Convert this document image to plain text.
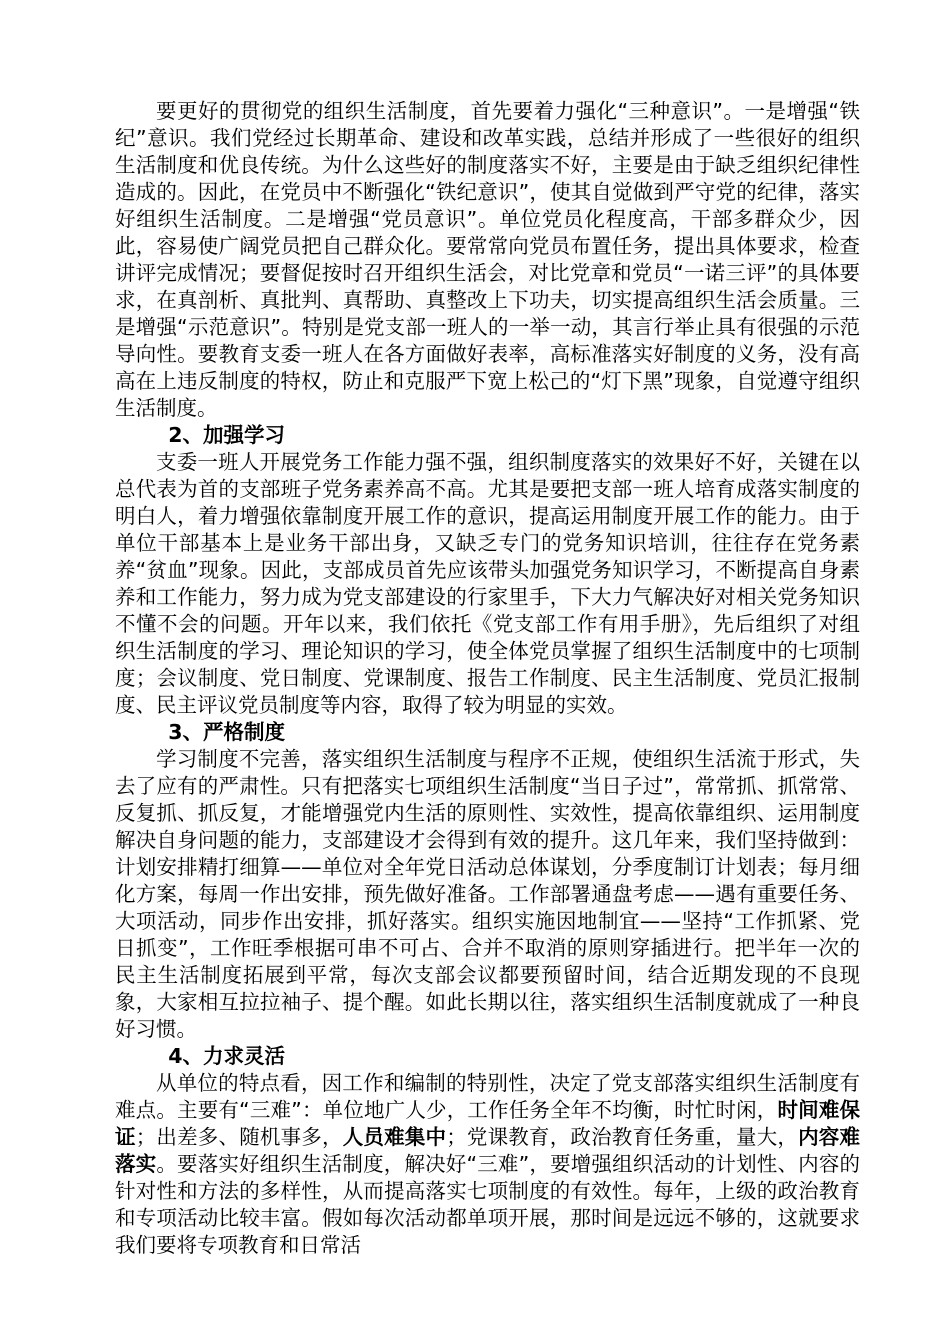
要更好的贯彻党的组织生活制度，首先要着力强化“三种意识”。一是增强“铁纪”意识。我们党经过长期革命、建设和改革实践，总结并形成了一些很好的组织生活制度和优良传统。为什么这些好的制度落实不好，主要是由于缺乏组织纪律性造成的。因此，在党员中不断强化“铁纪意识”，使其自觉做到严守党的纪律，落实好组织生活制度。二是增强“党员意识”。单位党员化程度高，干部多群众少，因此，容易使广阔党员把自己群众化。要常常向党员布置任务，提出具体要求，检查讲评完成情况；要督促按时召开组织生活会，对比党章和党员“一诺三评”的具体要求，在真剖析、真批判、真帮助、真整改上下功夫，切实提高组织生活会质量。三是增强“示范意识”。特别是党支部一班人的一举一动，其言行举止具有很强的示范导向性。要教育支委一班人在各方面做好表率，高标准落实好制度的义务，没有高高在上违反制度的特权，防止和克服严下宽上松己的“灯下黑”现象，自觉遵守组织生活制度。

2、加强学习

支委一班人开展党务工作能力强不强，组织制度落实的效果好不好，关键在以总代表为首的支部班子党务素养高不高。尤其是要把支部一班人培育成落实制度的明白人，着力增强依靠制度开展工作的意识，提高运用制度开展工作的能力。由于单位干部基本上是业务干部出身，又缺乏专门的党务知识培训，往往存在党务素养“贫血”现象。因此，支部成员首先应该带头加强党务知识学习，不断提高自身素养和工作能力，努力成为党支部建设的行家里手，下大力气解决好对相关党务知识不懂不会的问题。开年以来，我们依托《党支部工作有用手册》，先后组织了对组织生活制度的学习、理论知识的学习，使全体党员掌握了组织生活制度中的七项制度；会议制度、党日制度、党课制度、报告工作制度、民主生活制度、党员汇报制度、民主评议党员制度等内容，取得了较为明显的实效。

3、严格制度

学习制度不完善，落实组织生活制度与程序不正规，使组织生活流于形式，失去了应有的严肃性。只有把落实七项组织生活制度“当日子过”，常常抓、抓常常、反复抓、抓反复，才能增强党内生活的原则性、实效性，提高依靠组织、运用制度解决自身问题的能力，支部建设才会得到有效的提升。这几年来，我们坚持做到：计划安排精打细算——单位对全年党日活动总体谋划，分季度制订计划表；每月细化方案，每周一作出安排，预先做好准备。工作部署通盘考虑——遇有重要任务、大项活动，同步作出安排，抓好落实。组织实施因地制宜——坚持“工作抓紧、党日抓变”，工作旺季根据可串不可占、合并不取消的原则穿插进行。把半年一次的民主生活制度拓展到平常，每次支部会议都要预留时间，结合近期发现的不良现象，大家相互拉拉袖子、提个醒。如此长期以往，落实组织生活制度就成了一种良好习惯。

4、力求灵活

从单位的特点看，因工作和编制的特别性，决定了党支部落实组织生活制度有难点。主要有“三难”：单位地广人少，工作任务全年不均衡，时忙时闲，时间难保证；出差多、随机事多，人员难集中；党课教育，政治教育任务重，量大，内容难落实。要落实好组织生活制度，解决好“三难”，要增强组织活动的计划性、内容的针对性和方法的多样性，从而提高落实七项制度的有效性。每年，上级的政治教育和专项活动比较丰富。假如每次活动都单项开展，那时间是远远不够的，这就要求我们要将专项教育和日常活
